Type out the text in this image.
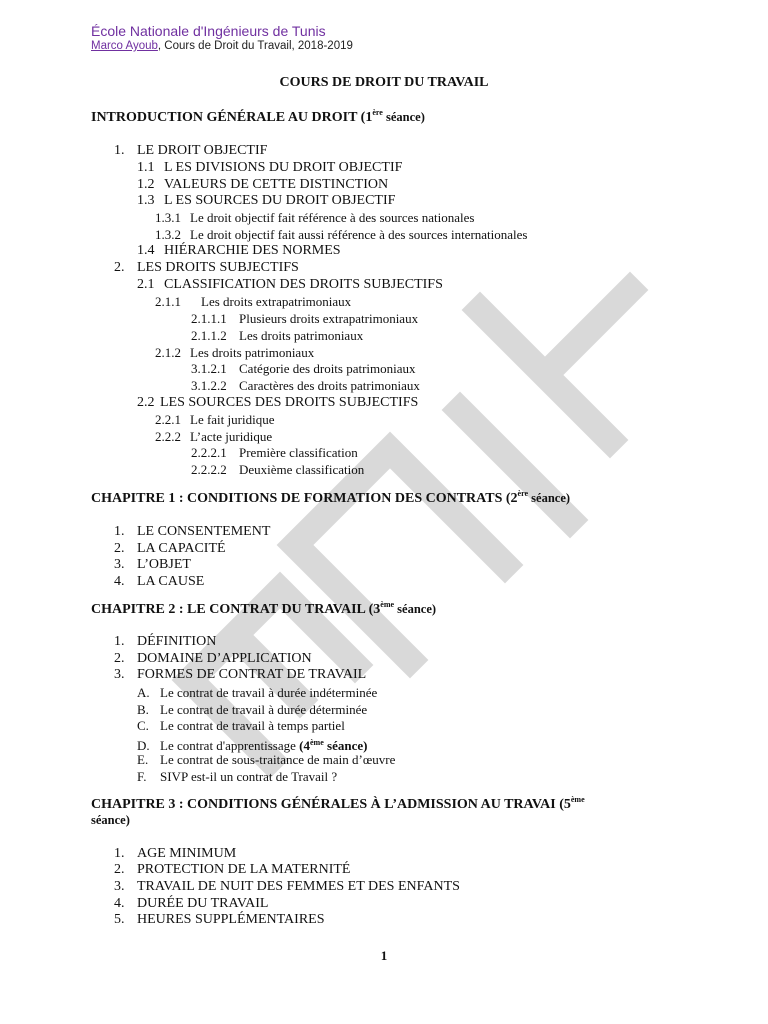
École Nationale d'Ingénieurs de Tunis
Marco Ayoub, Cours de Droit du Travail, 2018-2019
COURS DE DROIT DU TRAVAIL
INTRODUCTION GÉNÉRALE AU DROIT (1ère séance)
1. LE DROIT OBJECTIF
1.1 L ES DIVISIONS DU DROIT OBJECTIF
1.2 VALEURS DE CETTE DISTINCTION
1.3 L ES SOURCES DU DROIT OBJECTIF
1.3.1 Le droit objectif fait référence à des sources nationales
1.3.2 Le droit objectif fait aussi référence à des sources internationales
1.4 HIÉRARCHIE DES NORMES
2. LES DROITS SUBJECTIFS
2.1 CLASSIFICATION DES DROITS SUBJECTIFS
2.1.1 Les droits extrapatrimoniaux
2.1.1.1 Plusieurs droits extrapatrimoniaux
2.1.1.2 Les droits patrimoniaux
2.1.2 Les droits patrimoniaux
3.1.2.1 Catégorie des droits patrimoniaux
3.1.2.2 Caractères des droits patrimoniaux
2.2 LES SOURCES DES DROITS SUBJECTIFS
2.2.1 Le fait juridique
2.2.2 L’acte juridique
2.2.2.1 Première classification
2.2.2.2 Deuxième classification
CHAPITRE 1 : CONDITIONS DE FORMATION DES CONTRATS (2ère séance)
1. LE CONSENTEMENT
2. LA CAPACITÉ
3. L’OBJET
4. LA CAUSE
CHAPITRE 2 : LE CONTRAT DU TRAVAIL (3ème séance)
1. DÉFINITION
2. DOMAINE D’APPLICATION
3. FORMES DE CONTRAT DE TRAVAIL
A. Le contrat de travail à durée indéterminée
B. Le contrat de travail à durée déterminée
C. Le contrat de travail à temps partiel
D. Le contrat d'apprentissage (4ème séance)
E. Le contrat de sous-traitance de main d’œuvre
F. SIVP est-il un contrat de Travail ?
CHAPITRE 3 : CONDITIONS GÉNÉRALES À L’ADMISSION AU TRAVAI (5ème
séance)
1. AGE MINIMUM
2. PROTECTION DE LA MATERNITÉ
3. TRAVAIL DE NUIT DES FEMMES ET DES ENFANTS
4. DURÉE DU TRAVAIL
5. HEURES SUPPLÉMENTAIRES
1
